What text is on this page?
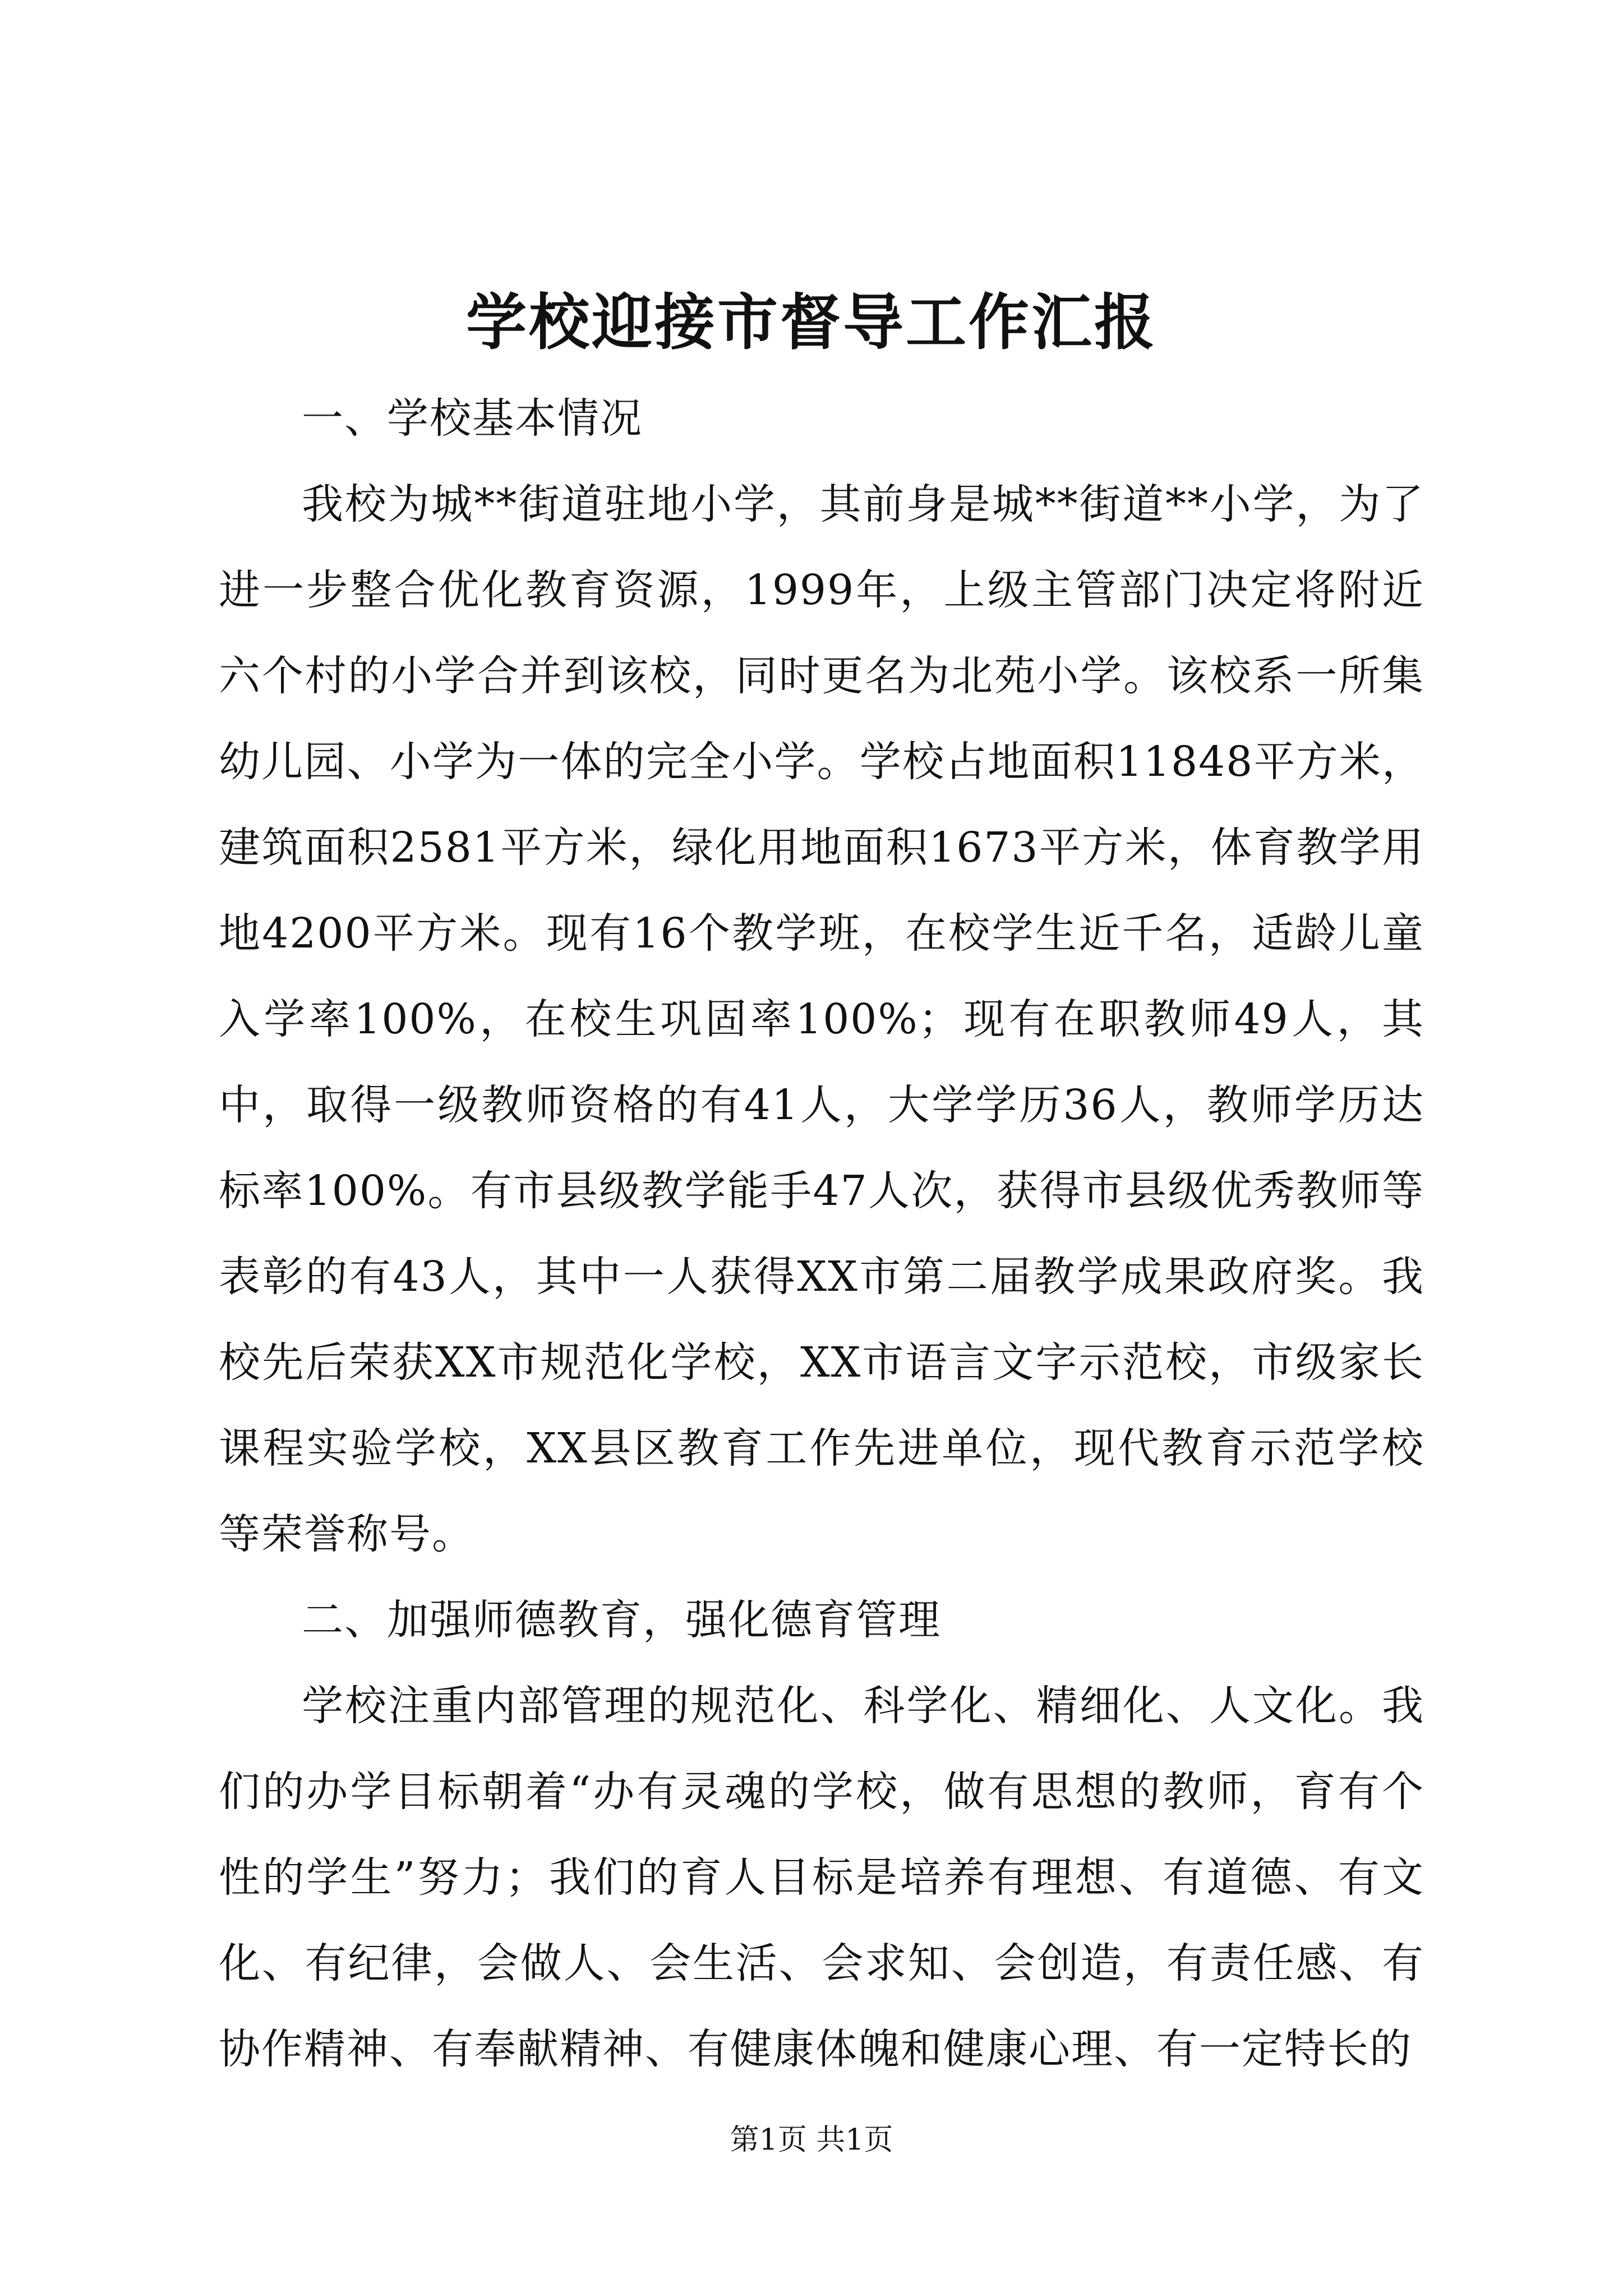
学校迎接市督导工作汇报

一、学校基本情况

我校为城**街道驻地小学，其前身是城**街道**小学，为了进一步整合优化教育资源，1999年，上级主管部门决定将附近六个村的小学合并到该校，同时更名为北苑小学。该校系一所集幼儿园、小学为一体的完全小学。学校占地面积11848平方米，建筑面积2581平方米，绿化用地面积1673平方米，体育教学用地4200平方米。现有16个教学班，在校学生近千名，适龄儿童入学率100%，在校生巩固率100%；现有在职教师49人，其中，取得一级教师资格的有41人，大学学历36人，教师学历达标率100%。有市县级教学能手47人次，获得市县级优秀教师等表彰的有43人，其中一人获得XX市第二届教学成果政府奖。我校先后荣获XX市规范化学校，XX市语言文字示范校，市级家长课程实验学校，XX县区教育工作先进单位，现代教育示范学校等荣誉称号。

二、加强师德教育，强化德育管理

学校注重内部管理的规范化、科学化、精细化、人文化。我们的办学目标朝着“办有灵魂的学校，做有思想的教师，育有个性的学生”努力；我们的育人目标是培养有理想、有道德、有文化、有纪律，会做人、会生活、会求知、会创造，有责任感、有协作精神、有奉献精神、有健康体魄和健康心理、有一定特长的

第1页 共1页
